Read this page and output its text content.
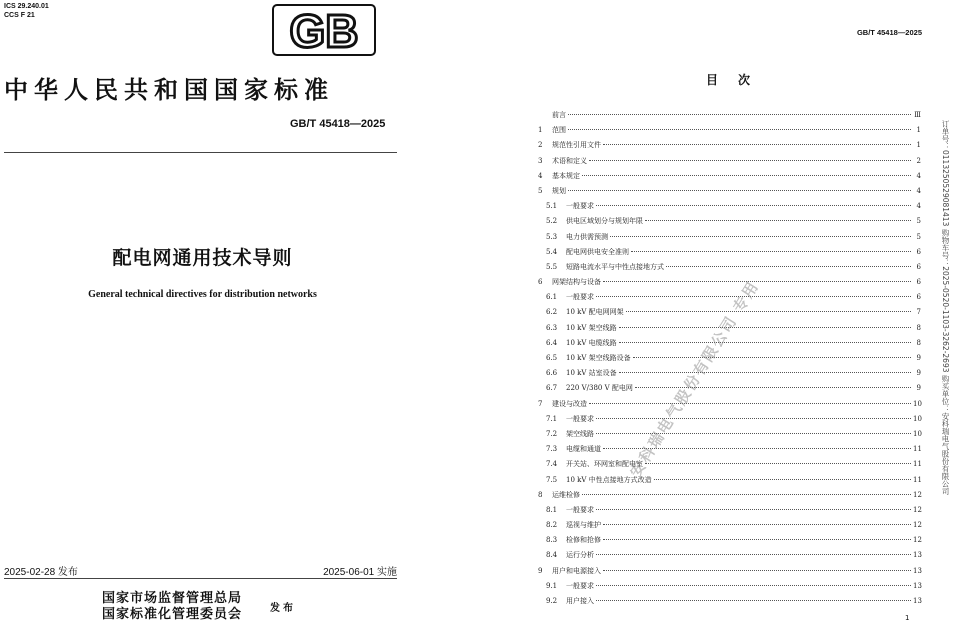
ICS 29.240.01
CCS F 21	GB
中华人民共和国国家标准
GB/T 45418—2025
配电网通用技术导则
General technical directives for distribution networks
2025-02-28 发布	2025-06-01 实施
国家市场监督管理总局
国家标准化管理委员会	发布
GB/T 45418—2025
目次
前言	Ⅲ
1	范围	1
2	规范性引用文件	1
3	术语和定义	2
4	基本规定	4
5	规划	4
5.1	一般要求	4
5.2	供电区域划分与规划年限	5
5.3	电力供需预测	5
5.4	配电网供电安全准则	6
5.5	短路电流水平与中性点接地方式	6
6	网架结构与设备	6
6.1	一般要求	6
6.2	10 kV 配电网网架	7
6.3	10 kV 架空线路	8
6.4	10 kV 电缆线路	8
6.5	10 kV 架空线路设备	9
6.6	10 kV 站室设备	9
6.7	220 V/380 V 配电网	9
7	建设与改造	10
7.1	一般要求	10
7.2	架空线路	10
7.3	电缆和通道	11
7.4	开关站、环网室和配电室	11
7.5	10 kV 中性点接地方式改造	11
8	运维检修	12
8.1	一般要求	12
8.2	巡视与维护	12
8.3	检修和抢修	12
8.4	运行分析	13
9	用户和电源接入	13
9.1	一般要求	13
9.2	用户接入	13
1
安科瑞电气股份有限公司 专用	订单号：0113250529081413 购物车号：2025-0520-1103-3262-2693 购买单位：安科瑞电气股份有限公司
